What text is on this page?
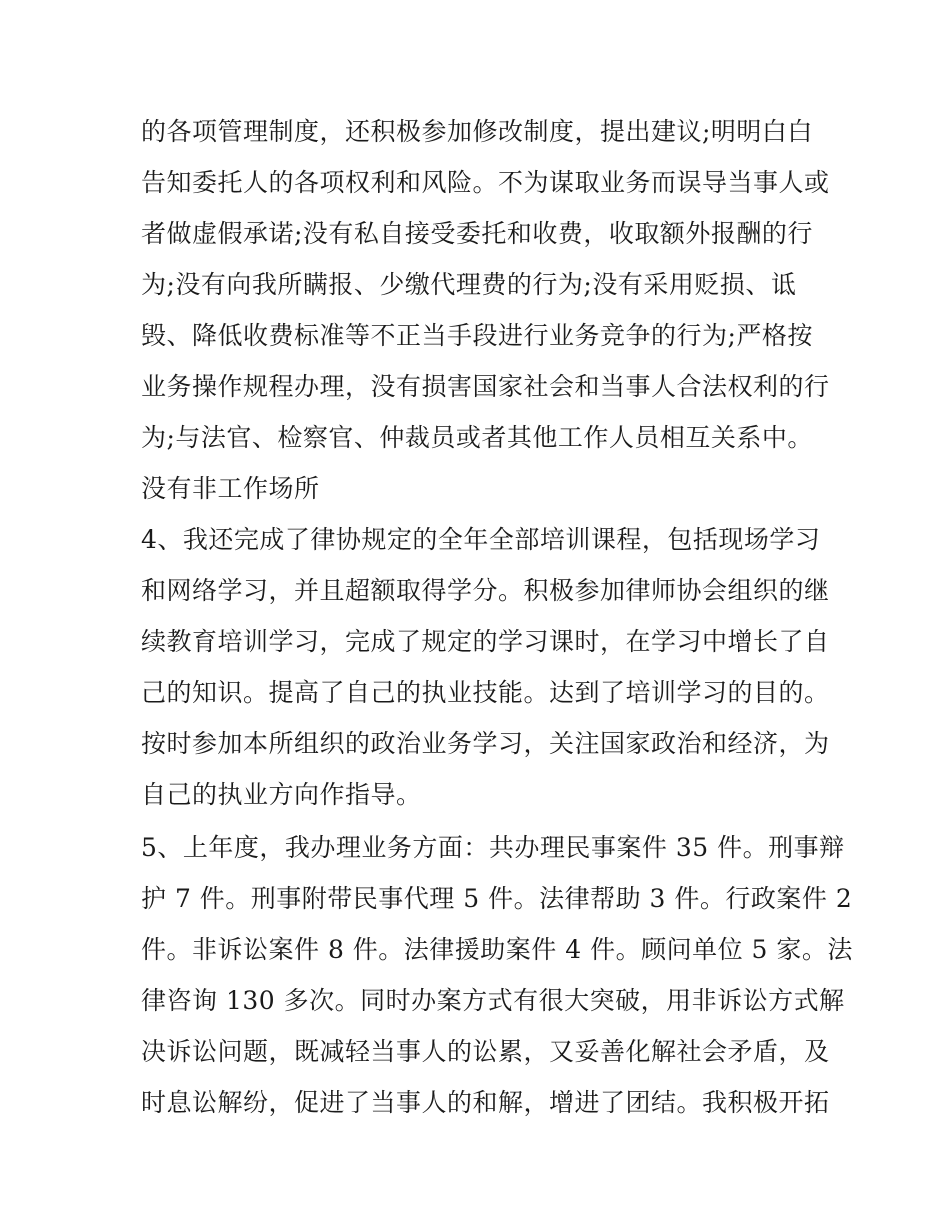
的各项管理制度，还积极参加修改制度，提出建议;明明白白
告知委托人的各项权利和风险。不为谋取业务而误导当事人或
者做虚假承诺;没有私自接受委托和收费，收取额外报酬的行
为;没有向我所瞒报、少缴代理费的行为;没有采用贬损、诋
毁、降低收费标准等不正当手段进行业务竞争的行为;严格按
业务操作规程办理，没有损害国家社会和当事人合法权利的行
为;与法官、检察官、仲裁员或者其他工作人员相互关系中。
没有非工作场所
4、我还完成了律协规定的全年全部培训课程，包括现场学习
和网络学习，并且超额取得学分。积极参加律师协会组织的继
续教育培训学习，完成了规定的学习课时，在学习中增长了自
己的知识。提高了自己的执业技能。达到了培训学习的目的。
按时参加本所组织的政治业务学习，关注国家政治和经济，为
自己的执业方向作指导。
5、上年度，我办理业务方面：共办理民事案件 35 件。刑事辩
护 7 件。刑事附带民事代理 5 件。法律帮助 3 件。行政案件 2
件。非诉讼案件 8 件。法律援助案件 4 件。顾问单位 5 家。法
律咨询 130 多次。同时办案方式有很大突破，用非诉讼方式解
决诉讼问题，既减轻当事人的讼累，又妥善化解社会矛盾，及
时息讼解纷，促进了当事人的和解，增进了团结。我积极开拓
